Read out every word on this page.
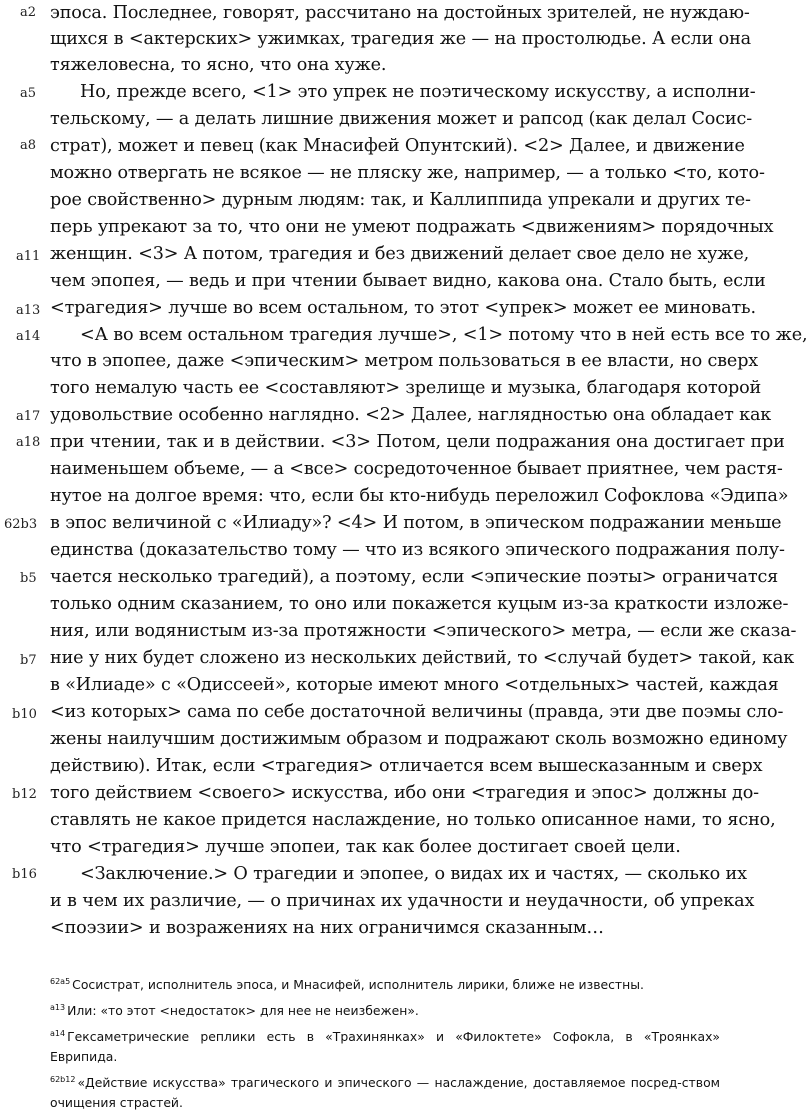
a2
a5
a8
a11
a13
a14
a17
a18
62b3
b5
b7
b10
b12
b16
эпоса. Последнее, говорят, рассчитано на достойных зрителей, не нуждаю-
щихся в <актерских> ужимках, трагедия же — на простолюдье. А если она
тяжеловесна, то ясно, что она хуже.
Но, прежде всего, <1> это упрек не поэтическому искусству, а исполни-
тельскому, — а делать лишние движения может и рапсод (как делал Сосис-
страт), может и певец (как Мнасифей Опунтский). <2> Далее, и движение
можно отвергать не всякое — не пляску же, например, — а только <то, кото-
рое свойственно> дурным людям: так, и Каллиппида упрекали и других те-
перь упрекают за то, что они не умеют подражать <движениям> порядочных
женщин. <3> А потом, трагедия и без движений делает свое дело не хуже,
чем эпопея, — ведь и при чтении бывает видно, какова она. Стало быть, если
<трагедия> лучше во всем остальном, то этот <упрек> может ее миновать.
<А во всем остальном трагедия лучше>, <1> потому что в ней есть все то же,
что в эпопее, даже <эпическим> метром пользоваться в ее власти, но сверх
того немалую часть ее <составляют> зрелище и музыка, благодаря которой
удовольствие особенно наглядно. <2> Далее, наглядностью она обладает как
при чтении, так и в действии. <3> Потом, цели подражания она достигает при
наименьшем объеме, — а <все> сосредоточенное бывает приятнее, чем растя-
нутое на долгое время: что, если бы кто-нибудь переложил Софоклова «Эдипа»
в эпос величиной с «Илиаду»? <4> И потом, в эпическом подражании меньше
единства (доказательство тому — что из всякого эпического подражания полу-
чается несколько трагедий), а поэтому, если <эпические поэты> ограничатся
только одним сказанием, то оно или покажется куцым из-за краткости изложе-
ния, или водянистым из-за протяжности <эпического> метра, — если же сказа-
ние у них будет сложено из нескольких действий, то <случай будет> такой, как
в «Илиаде» с «Одиссеей», которые имеют много <отдельных> частей, каждая
<из которых> сама по себе достаточной величины (правда, эти две поэмы сло-
жены наилучшим достижимым образом и подражают сколь возможно единому
действию). Итак, если <трагедия> отличается всем вышесказанным и сверх
того действием <своего> искусства, ибо они <трагедия и эпос> должны до-
ставлять не какое придется наслаждение, но только описанное нами, то ясно,
что <трагедия> лучше эпопеи, так как более достигает своей цели.
<Заключение.> О трагедии и эпопее, о видах их и частях, — сколько их
и в чем их различие, — о причинах их удачности и неудачности, об упреках
<поэзии> и возражениях на них ограничимся сказанным…
$^{62a5}$ Сосистрат, исполнитель эпоса, и Мнасифей, исполнитель лирики, ближе не известны.
$^{a13}$ Или: «то этот <недостаток> для нее не неизбежен».
$^{a14}$ Гексаметрические реплики есть в «Трахинянках» и «Филоктете» Софокла, в «Троянках» Еврипида.
$^{62b12}$ «Действие искусства» трагического и эпического — наслаждение, доставляемое посред-ством очищения страстей.
